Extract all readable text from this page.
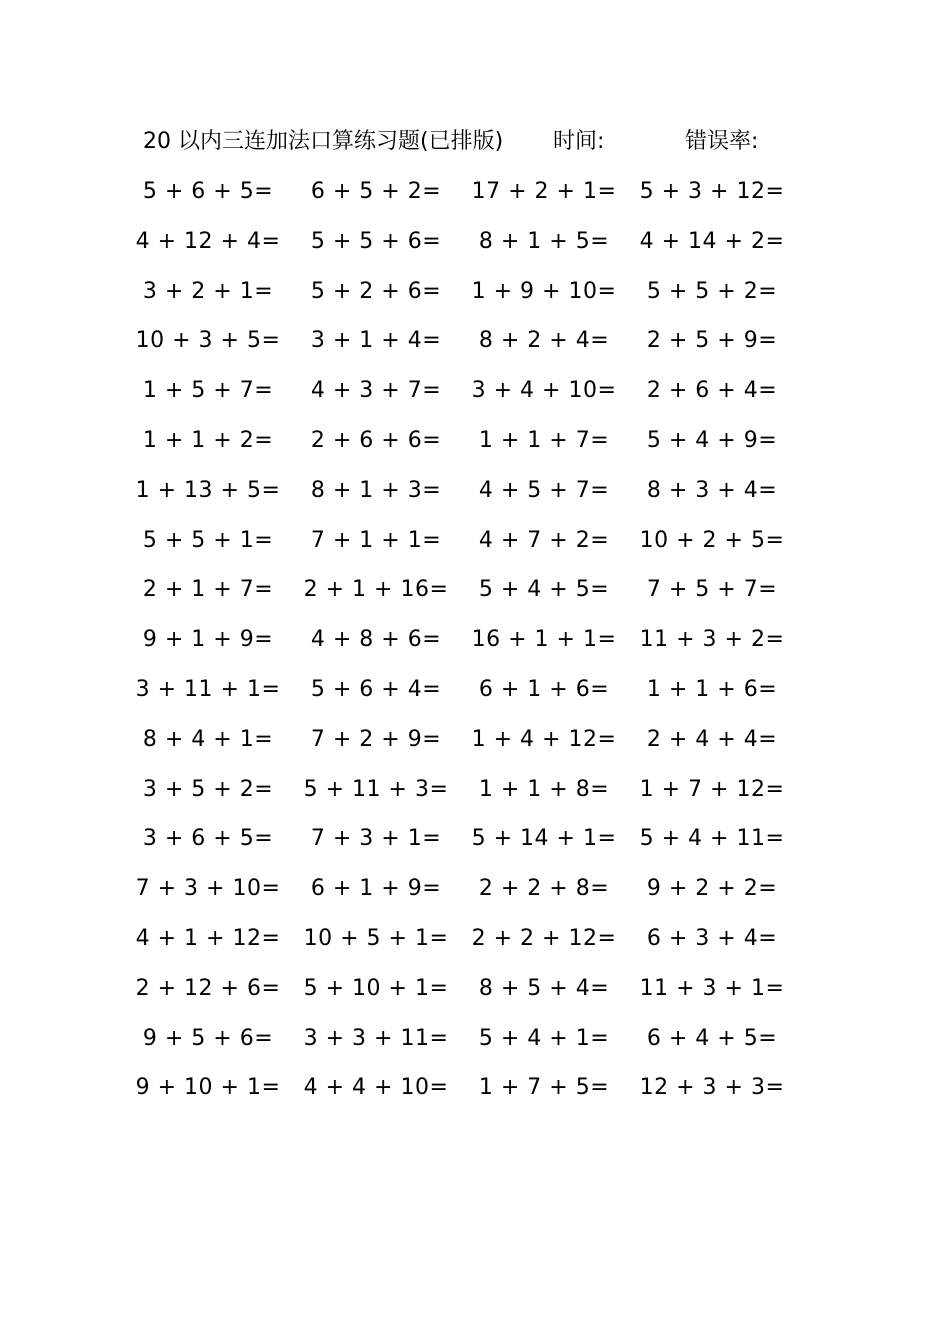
20 以内三连加法口算练习题(已排版) 时间:	错误率:
5 + 6 + 5=	6 + 5 + 2=	17 + 2 + 1= 5 + 3 + 12=
4 + 12 + 4=	5 + 5 + 6=	8 + 1 + 5=	4 + 14 + 2=
3 + 2 + 1=	5 + 2 + 6=	1 + 9 + 10=	5 + 5 + 2=
10 + 3 + 5=	3 + 1 + 4=	8 + 2 + 4=	2 + 5 + 9=
1 + 5 + 7=	4 + 3 + 7=	3 + 4 + 10=	2 + 6 + 4=
1 + 1 + 2=	2 + 6 + 6=	1 + 1 + 7=	5 + 4 + 9=
1 + 13 + 5=	8 + 1 + 3=	4 + 5 + 7=	8 + 3 + 4=
5 + 5 + 1=	7 + 1 + 1=	4 + 7 + 2=	10 + 2 + 5=
2 + 1 + 7=	2 + 1 + 16=	5 + 4 + 5=	7 + 5 + 7=
9 + 1 + 9=	4 + 8 + 6=	16 + 1 + 1= 11 + 3 + 2=
3 + 11 + 1=	5 + 6 + 4=	6 + 1 + 6=	1 + 1 + 6=
8 + 4 + 1=	7 + 2 + 9=	1 + 4 + 12=	2 + 4 + 4=
3 + 5 + 2=	5 + 11 + 3=	1 + 1 + 8=	1 + 7 + 12=
3 + 6 + 5=	7 + 3 + 1=	5 + 14 + 1= 5 + 4 + 11=
7 + 3 + 10=	6 + 1 + 9=	2 + 2 + 8=	9 + 2 + 2=
4 + 1 + 12= 10 + 5 + 1= 2 + 2 + 12=	6 + 3 + 4=
2 + 12 + 6= 5 + 10 + 1=	8 + 5 + 4=	11 + 3 + 1=
9 + 5 + 6=	3 + 3 + 11=	5 + 4 + 1=	6 + 4 + 5=
9 + 10 + 1= 4 + 4 + 10=	1 + 7 + 5=	12 + 3 + 3=
